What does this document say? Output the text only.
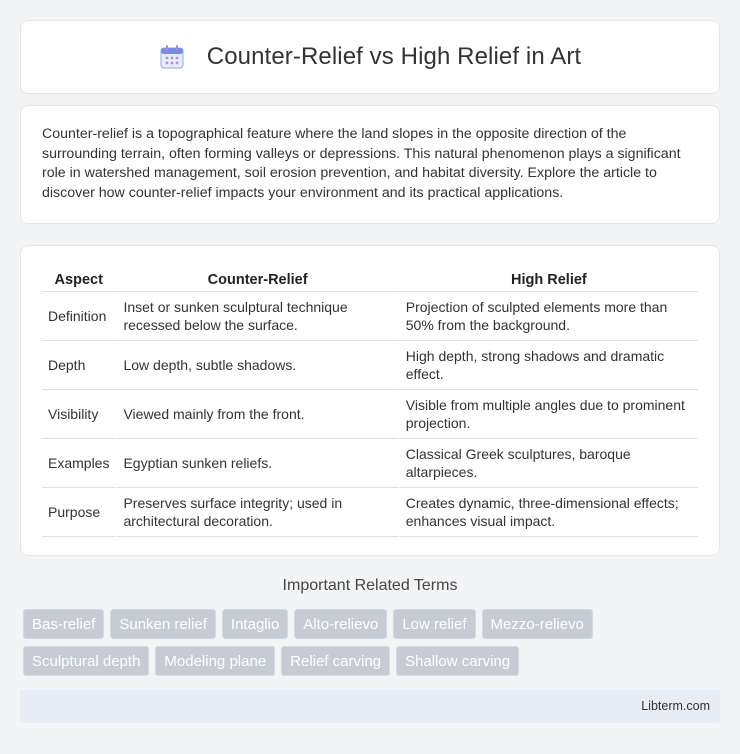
Counter-Relief vs High Relief in Art

Counter-relief is a topographical feature where the land slopes in the opposite direction of the surrounding terrain, often forming valleys or depressions. This natural phenomenon plays a significant role in watershed management, soil erosion prevention, and habitat diversity. Explore the article to discover how counter-relief impacts your environment and its practical applications.

Aspect	Counter-Relief	High Relief
Definition	Inset or sunken sculptural technique recessed below the surface.	Projection of sculpted elements more than 50% from the background.
Depth	Low depth, subtle shadows.	High depth, strong shadows and dramatic effect.
Visibility	Viewed mainly from the front.	Visible from multiple angles due to prominent projection.
Examples	Egyptian sunken reliefs.	Classical Greek sculptures, baroque altarpieces.
Purpose	Preserves surface integrity; used in architectural decoration.	Creates dynamic, three-dimensional effects; enhances visual impact.
Important Related Terms
Bas-relief	Sunken relief	Intaglio	Alto-relievo	Low relief	Mezzo-relievo
Sculptural depth	Modeling plane	Relief carving	Shallow carving
Libterm.com
